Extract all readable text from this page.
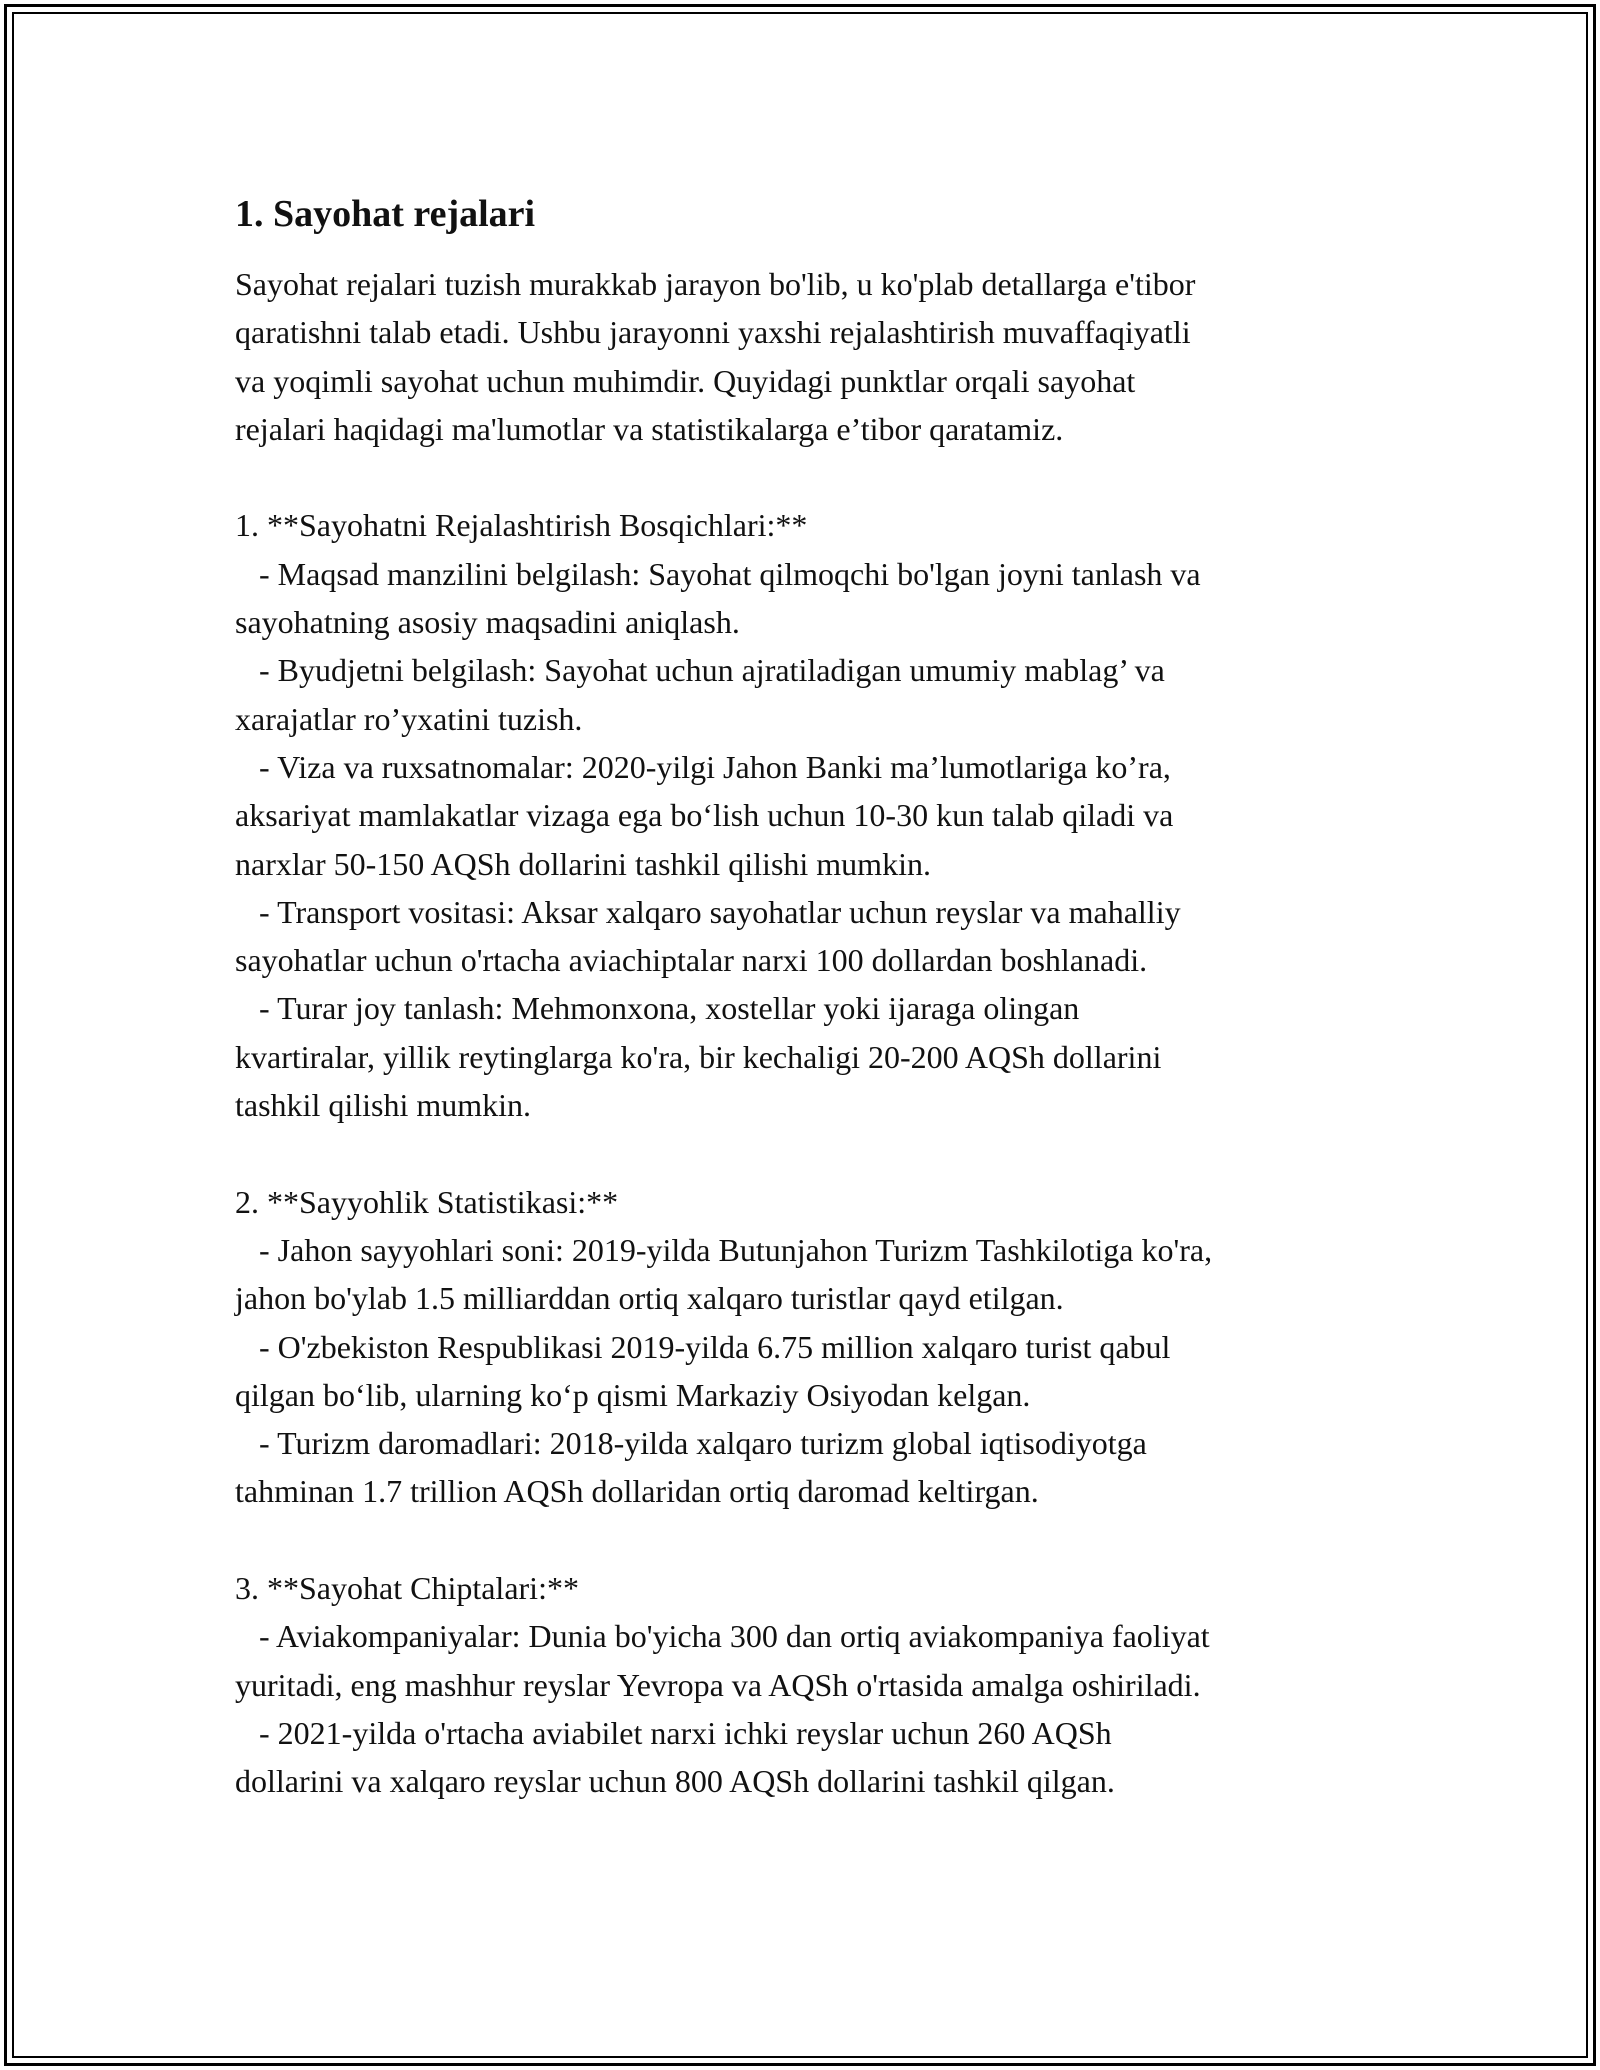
1. Sayohat rejalari

Sayohat rejalari tuzish murakkab jarayon bo'lib, u ko'plab detallarga e'tibor

qaratishni talab etadi. Ushbu jarayonni yaxshi rejalashtirish muvaffaqiyatli

va yoqimli sayohat uchun muhimdir. Quyidagi punktlar orqali sayohat

rejalari haqidagi ma'lumotlar va statistikalarga e’tibor qaratamiz.

1. **Sayohatni Rejalashtirish Bosqichlari:**

- Maqsad manzilini belgilash: Sayohat qilmoqchi bo'lgan joyni tanlash va

sayohatning asosiy maqsadini aniqlash.

- Byudjetni belgilash: Sayohat uchun ajratiladigan umumiy mablag’ va

xarajatlar ro’yxatini tuzish.

- Viza va ruxsatnomalar: 2020-yilgi Jahon Banki ma’lumotlariga ko’ra,

aksariyat mamlakatlar vizaga ega bo‘lish uchun 10-30 kun talab qiladi va

narxlar 50-150 AQSh dollarini tashkil qilishi mumkin.

- Transport vositasi: Aksar xalqaro sayohatlar uchun reyslar va mahalliy

sayohatlar uchun o'rtacha aviachiptalar narxi 100 dollardan boshlanadi.

- Turar joy tanlash: Mehmonxona, xostellar yoki ijaraga olingan

kvartiralar, yillik reytinglarga ko'ra, bir kechaligi 20-200 AQSh dollarini

tashkil qilishi mumkin.

2. **Sayyohlik Statistikasi:**

- Jahon sayyohlari soni: 2019-yilda Butunjahon Turizm Tashkilotiga ko'ra,

jahon bo'ylab 1.5 milliarddan ortiq xalqaro turistlar qayd etilgan.

- O'zbekiston Respublikasi 2019-yilda 6.75 million xalqaro turist qabul

qilgan bo‘lib, ularning ko‘p qismi Markaziy Osiyodan kelgan.

- Turizm daromadlari: 2018-yilda xalqaro turizm global iqtisodiyotga

tahminan 1.7 trillion AQSh dollaridan ortiq daromad keltirgan.

3. **Sayohat Chiptalari:**

- Aviakompaniyalar: Dunia bo'yicha 300 dan ortiq aviakompaniya faoliyat

yuritadi, eng mashhur reyslar Yevropa va AQSh o'rtasida amalga oshiriladi.

- 2021-yilda o'rtacha aviabilet narxi ichki reyslar uchun 260 AQSh

dollarini va xalqaro reyslar uchun 800 AQSh dollarini tashkil qilgan.
